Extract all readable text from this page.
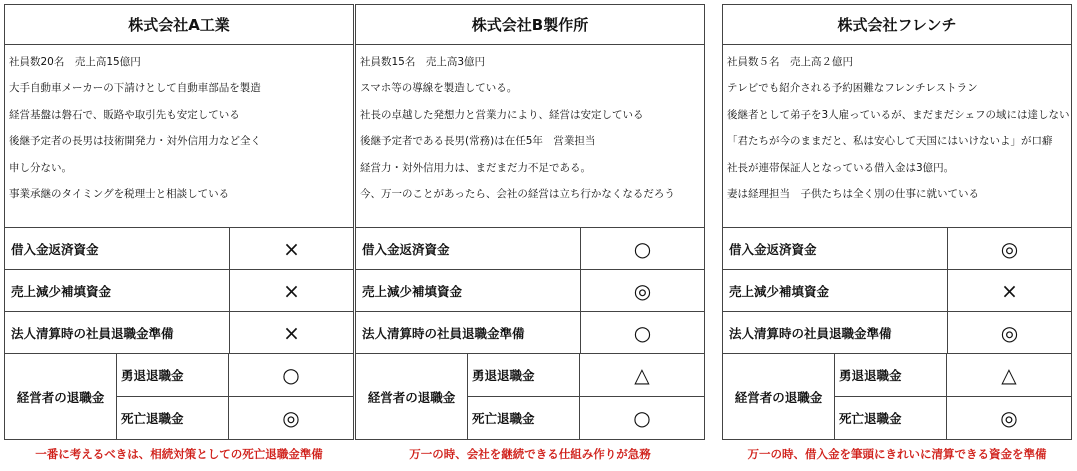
株式会社A工業
社員数20名　売上高15億円
大手自動車メーカーの下請けとして自動車部品を製造
経営基盤は磐石で、販路や取引先も安定している
後継予定者の長男は技術開発力・対外信用力など全く
申し分ない。
事業承継のタイミングを税理士と相談している
借入金返済資金	×
売上減少補填資金	×
法人清算時の社員退職金準備	×
経営者の退職金
勇退退職金	○
死亡退職金	◎
一番に考えるべきは、相続対策としての死亡退職金準備
株式会社B製作所
社員数15名　売上高3億円
スマホ等の導線を製造している。
社長の卓越した発想力と営業力により、経営は安定している
後継予定者である長男(常務)は在任5年　営業担当
経営力・対外信用力は、まだまだ力不足である。
今、万一のことがあったら、会社の経営は立ち行かなくなるだろう
借入金返済資金	○
売上減少補填資金	◎
法人清算時の社員退職金準備	○
経営者の退職金
勇退退職金	△
死亡退職金	○
万一の時、会社を継続できる仕組み作りが急務
株式会社フレンチ
社員数５名　売上高２億円
テレビでも紹介される予約困難なフレンチレストラン
後継者として弟子を3人雇っているが、まだまだシェフの域には達しない
「君たちが今のままだと、私は安心して天国にはいけないよ」が口癖
社長が連帯保証人となっている借入金は3億円。
妻は経理担当　子供たちは全く別の仕事に就いている
借入金返済資金	◎
売上減少補填資金	×
法人清算時の社員退職金準備	◎
経営者の退職金
勇退退職金	△
死亡退職金	◎
万一の時、借入金を筆頭にきれいに清算できる資金を準備
